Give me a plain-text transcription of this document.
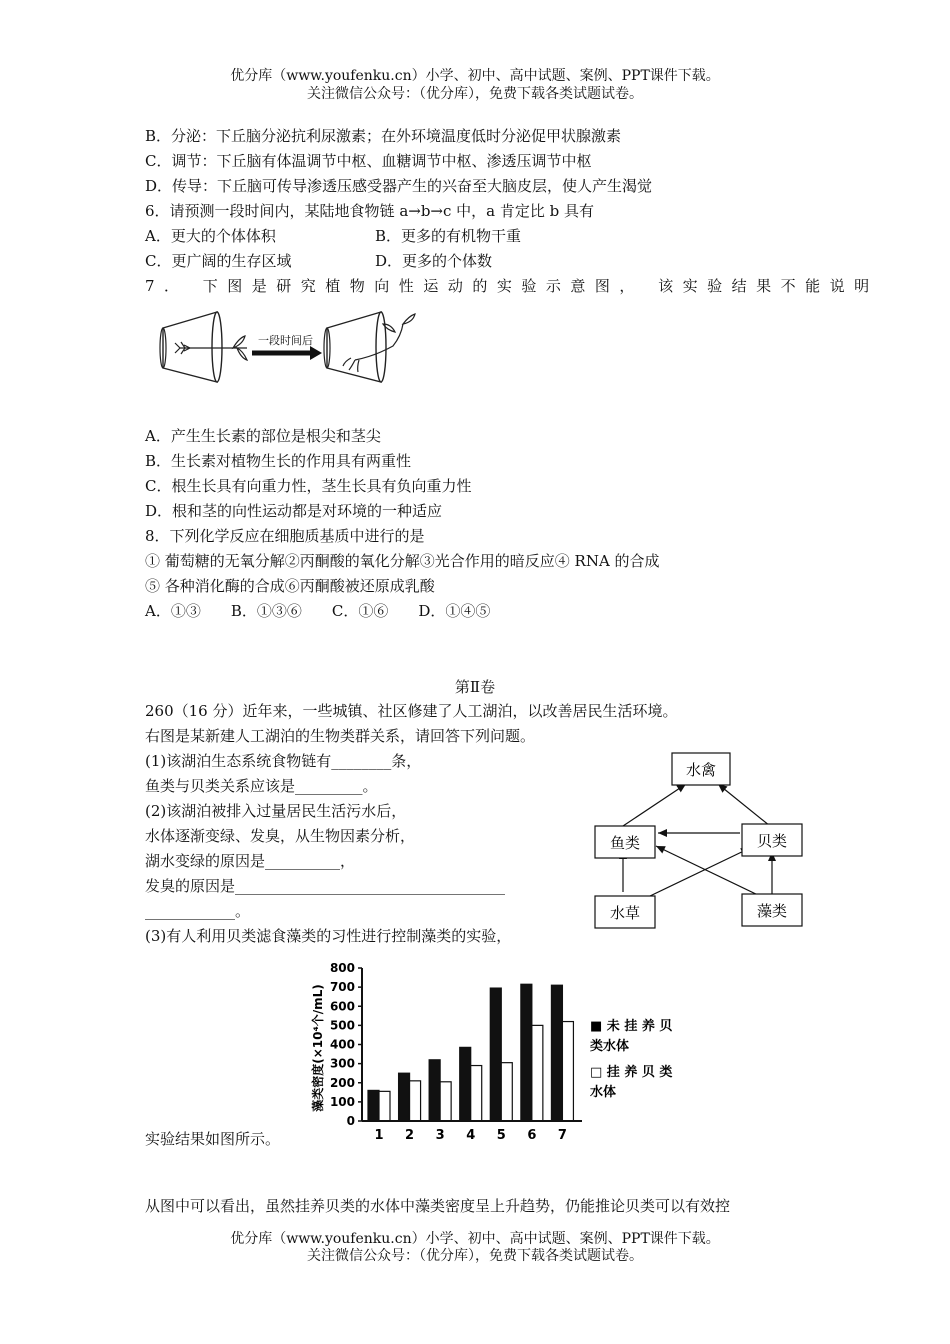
优分库（www.youfenku.cn）小学、初中、高中试题、案例、PPT课件下载。
关注微信公众号：（优分库），免费下载各类试题试卷。
B．分泌：下丘脑分泌抗利尿激素；在外环境温度低时分泌促甲状腺激素
C．调节：下丘脑有体温调节中枢、血糖调节中枢、渗透压调节中枢
D．传导：下丘脑可传导渗透压感受器产生的兴奋至大脑皮层，使人产生渴觉
6．请预测一段时间内，某陆地食物链 a→b→c 中，a 肯定比 b 具有
A．更大的个体体积	B．更多的有机物干重
C．更广阔的生存区域	D．更多的个体数
7． 下图是研究植物向性运动的实验示意图， 该实验结果不能说明
一段时间后
A．产生生长素的部位是根尖和茎尖
B．生长素对植物生长的作用具有两重性
C．根生长具有向重力性，茎生长具有负向重力性
D．根和茎的向性运动都是对环境的一种适应
8．下列化学反应在细胞质基质中进行的是
① 葡萄糖的无氧分解②丙酮酸的氧化分解③光合作用的暗反应④ RNA 的合成
⑤ 各种消化酶的合成⑥丙酮酸被还原成乳酸
A．①③　　B．①③⑥　　C．①⑥　　D．①④⑤
第Ⅱ卷
260（16 分）近年来，一些城镇、社区修建了人工湖泊，以改善居民生活环境。
右图是某新建人工湖泊的生物类群关系，请回答下列问题。
(1)该湖泊生态系统食物链有________条，
鱼类与贝类关系应该是_________。
(2)该湖泊被排入过量居民生活污水后，
水体逐渐变绿、发臭，从生物因素分析，
湖水变绿的原因是__________，
发臭的原因是____________________________________
____________。
(3)有人利用贝类滤食藻类的习性进行控制藻类的实验，
水禽
鱼类	贝类
水草	藻类
藻类密度(×10⁴个/mL)
0
100
200
300
400
500
600
700
800
1 2 3 4 5 6 7
■ 未 挂 养 贝
类水体
□ 挂 养 贝 类
水体
实验结果如图所示。
从图中可以看出，虽然挂养贝类的水体中藻类密度呈上升趋势，仍能推论贝类可以有效控
优分库（www.youfenku.cn）小学、初中、高中试题、案例、PPT课件下载。
关注微信公众号：（优分库），免费下载各类试题试卷。
